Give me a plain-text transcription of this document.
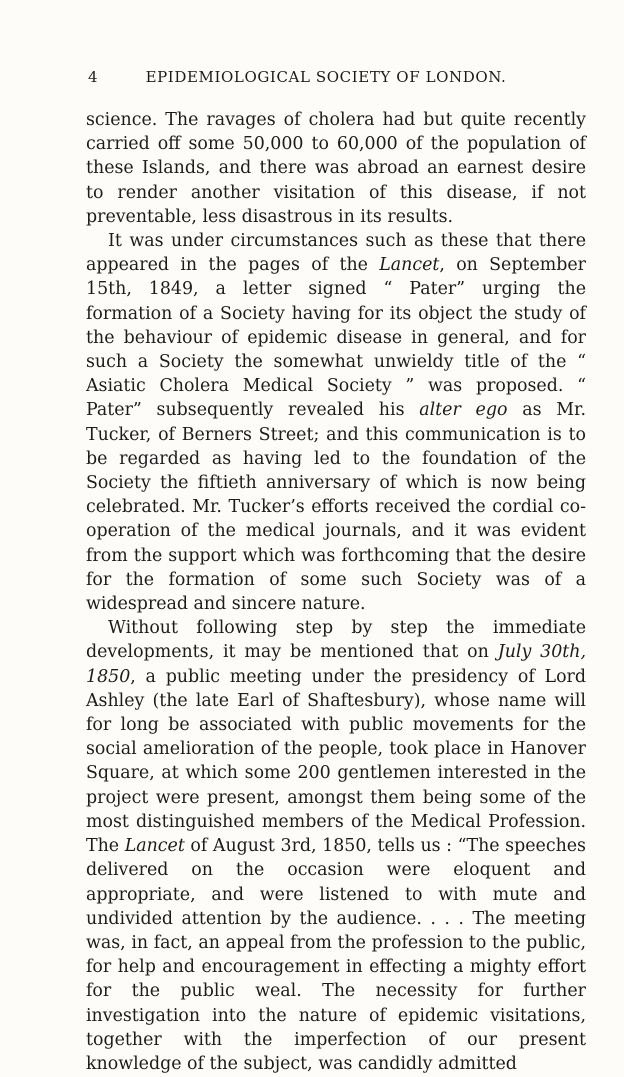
4	EPIDEMIOLOGICAL SOCIETY OF LONDON.

science. The ravages of cholera had but quite recently carried off some 50,000 to 60,000 of the population of these Islands, and there was abroad an earnest desire to render another visitation of this disease, if not preventable, less disastrous in its results.

It was under circumstances such as these that there appeared in the pages of the Lancet, on September 15th, 1849, a letter signed “ Pater” urging the formation of a Society having for its object the study of the behaviour of epidemic disease in general, and for such a Society the somewhat unwieldy title of the “ Asiatic Cholera Medical Society ” was proposed. “ Pater” subsequently revealed his alter ego as Mr. Tucker, of Berners Street; and this communication is to be regarded as having led to the foundation of the Society the fiftieth anniversary of which is now being celebrated. Mr. Tucker’s efforts received the cordial co-operation of the medical journals, and it was evident from the support which was forthcoming that the desire for the formation of some such Society was of a widespread and sincere nature.

Without following step by step the immediate developments, it may be mentioned that on July 30th, 1850, a public meeting under the presidency of Lord Ashley (the late Earl of Shaftesbury), whose name will for long be associated with public movements for the social amelioration of the people, took place in Hanover Square, at which some 200 gentlemen interested in the project were present, amongst them being some of the most distinguished members of the Medical Profession. The Lancet of August 3rd, 1850, tells us : “The speeches delivered on the occasion were eloquent and appropriate, and were listened to with mute and undivided attention by the audience. . . . The meeting was, in fact, an appeal from the profession to the public, for help and encouragement in effecting a mighty effort for the public weal. The necessity for further investigation into the nature of epidemic visitations, together with the imperfection of our present knowledge of the subject, was candidly admitted
